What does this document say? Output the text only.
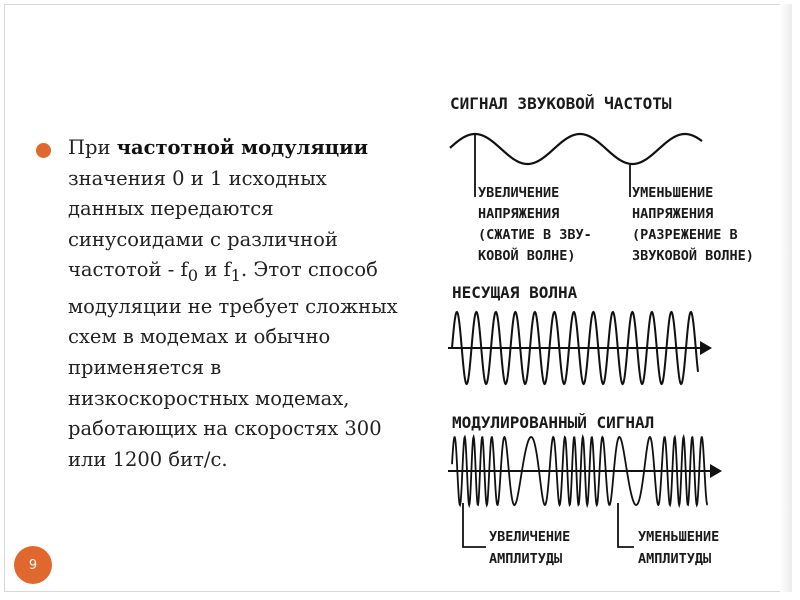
При частотной модуляции значения 0 и 1 исходных данных передаются синусоидами с различной частотой - $f_0$ и $f_1$. Этот способ модуляции не требует сложных схем в модемах и обычно применяется в низкоскоростных модемах, работающих на скоростях 300 или 1200 бит/с.
СИГНАЛ ЗВУКОВОЙ ЧАСТОТЫ
УВЕЛИЧЕНИЕ
НАПРЯЖЕНИЯ
(СЖАТИЕ В ЗВУ-
КОВОЙ ВОЛНЕ)
УМЕНЬШЕНИЕ
НАПРЯЖЕНИЯ
(РАЗРЕЖЕНИЕ В
ЗВУКОВОЙ ВОЛНЕ)
НЕСУЩАЯ ВОЛНА
МОДУЛИРОВАННЫЙ СИГНАЛ
УВЕЛИЧЕНИЕ
АМПЛИТУДЫ
УМЕНЬШЕНИЕ
АМПЛИТУДЫ
9
